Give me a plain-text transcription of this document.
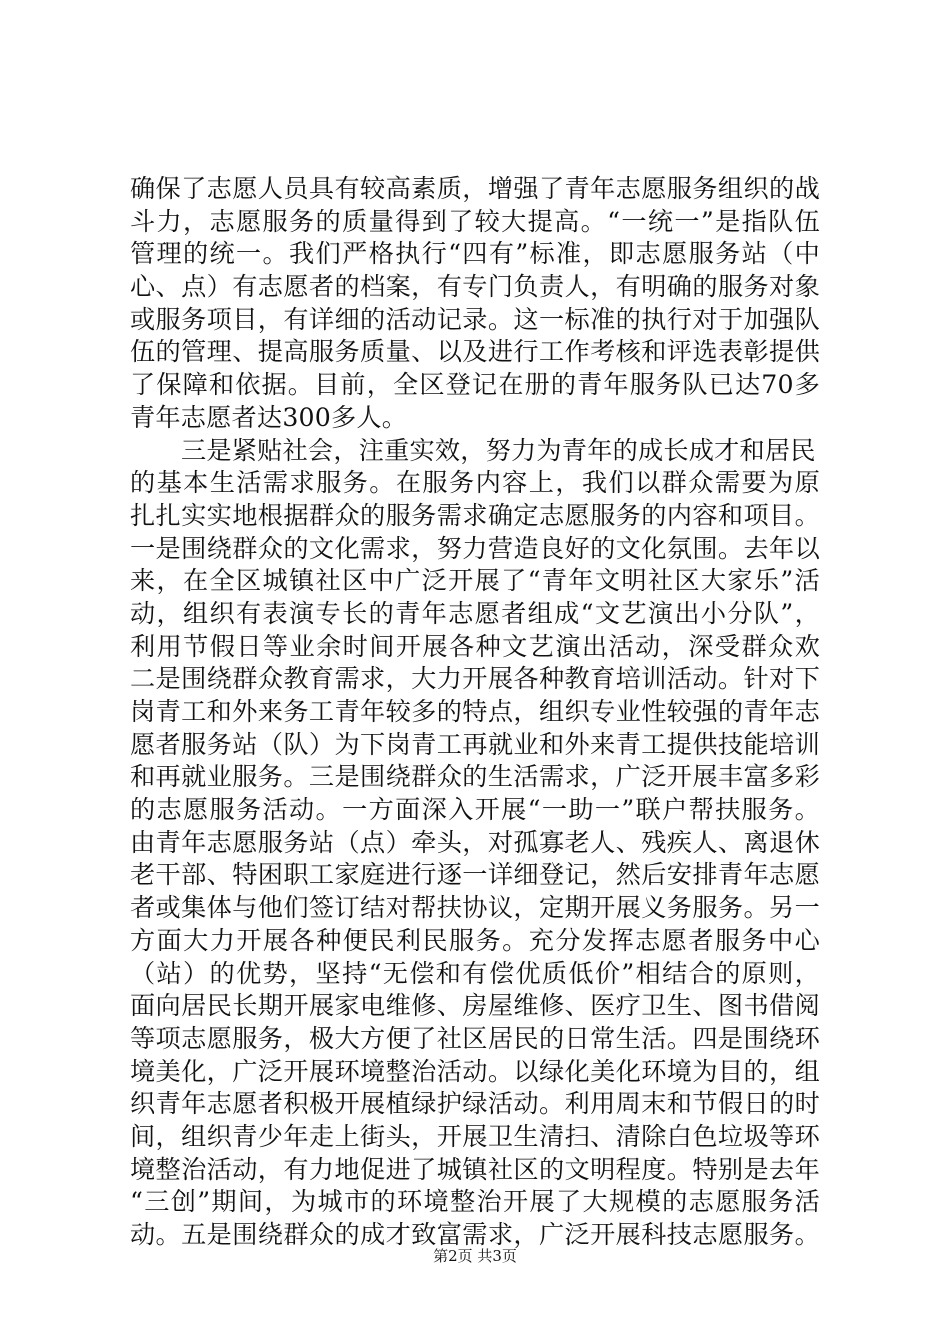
确保了志愿人员具有较高素质，增强了青年志愿服务组织的战
斗力，志愿服务的质量得到了较大提高。“一统一”是指队伍
管理的统一。我们严格执行“四有”标准，即志愿服务站（中
心、点）有志愿者的档案，有专门负责人，有明确的服务对象
或服务项目，有详细的活动记录。这一标准的执行对于加强队
伍的管理、提高服务质量、以及进行工作考核和评选表彰提供
了保障和依据。目前，全区登记在册的青年服务队已达70多
青年志愿者达300多人。
三是紧贴社会，注重实效，努力为青年的成长成才和居民
的基本生活需求服务。在服务内容上，我们以群众需要为原
扎扎实实地根据群众的服务需求确定志愿服务的内容和项目。
一是围绕群众的文化需求，努力营造良好的文化氛围。去年以
来，在全区城镇社区中广泛开展了“青年文明社区大家乐”活
动，组织有表演专长的青年志愿者组成“文艺演出小分队”，
利用节假日等业余时间开展各种文艺演出活动，深受群众欢
二是围绕群众教育需求，大力开展各种教育培训活动。针对下
岗青工和外来务工青年较多的特点，组织专业性较强的青年志
愿者服务站（队）为下岗青工再就业和外来青工提供技能培训
和再就业服务。三是围绕群众的生活需求，广泛开展丰富多彩
的志愿服务活动。一方面深入开展“一助一”联户帮扶服务。
由青年志愿服务站（点）牵头，对孤寡老人、残疾人、离退休
老干部、特困职工家庭进行逐一详细登记，然后安排青年志愿
者或集体与他们签订结对帮扶协议，定期开展义务服务。另一
方面大力开展各种便民利民服务。充分发挥志愿者服务中心
（站）的优势，坚持“无偿和有偿优质低价”相结合的原则，
面向居民长期开展家电维修、房屋维修、医疗卫生、图书借阅
等项志愿服务，极大方便了社区居民的日常生活。四是围绕环
境美化，广泛开展环境整治活动。以绿化美化环境为目的，组
织青年志愿者积极开展植绿护绿活动。利用周末和节假日的时
间，组织青少年走上街头，开展卫生清扫、清除白色垃圾等环
境整治活动，有力地促进了城镇社区的文明程度。特别是去年
“三创”期间，为城市的环境整治开展了大规模的志愿服务活
动。五是围绕群众的成才致富需求，广泛开展科技志愿服务。
第2页 共3页
